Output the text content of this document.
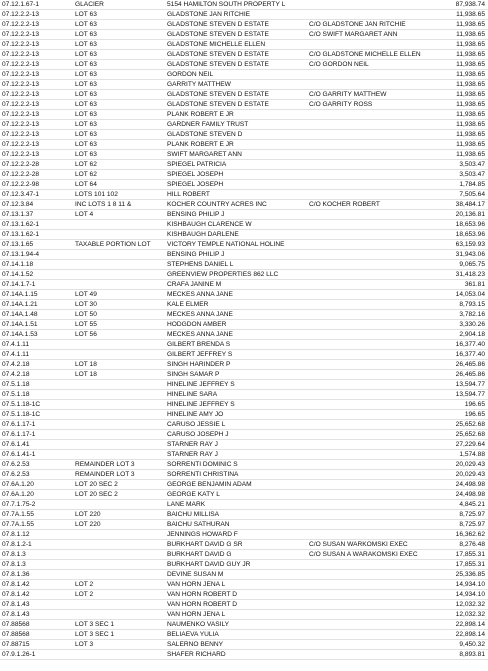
07.12.1.67-1	GLACIER	5154 HAMILTON SOUTH PROPERTY L	87,938.74
07.12.2.2-13	LOT 63	GLADSTONE JAN RITCHIE	11,938.65
07.12.2.2-13	LOT 63	GLADSTONE STEVEN D ESTATE	C/O GLADSTONE JAN RITCHIE	11,938.65
07.12.2.2-13	LOT 63	GLADSTONE STEVEN D ESTATE	C/O SWIFT MARGARET ANN	11,938.65
07.12.2.2-13	LOT 63	GLADSTONE MICHELLE ELLEN	11,938.65
07.12.2.2-13	LOT 63	GLADSTONE STEVEN D ESTATE	C/O GLADSTONE MICHELLE ELLEN	11,938.65
07.12.2.2-13	LOT 63	GLADSTONE STEVEN D ESTATE	C/O GORDON NEIL	11,938.65
07.12.2.2-13	LOT 63	GORDON NEIL	11,938.65
07.12.2.2-13	LOT 63	GARRITY MATTHEW	11,938.65
07.12.2.2-13	LOT 63	GLADSTONE STEVEN D ESTATE	C/O GARRITY MATTHEW	11,938.65
07.12.2.2-13	LOT 63	GLADSTONE STEVEN D ESTATE	C/O GARRITY ROSS	11,938.65
07.12.2.2-13	LOT 63	PLANK ROBERT E JR	11,938.65
07.12.2.2-13	LOT 63	GARDNER FAMILY TRUST	11,938.65
07.12.2.2-13	LOT 63	GLADSTONE STEVEN D	11,938.65
07.12.2.2-13	LOT 63	PLANK ROBERT E JR	11,938.65
07.12.2.2-13	LOT 63	SWIFT MARGARET ANN	11,938.65
07.12.2.2-28	LOT 62	SPIEGEL PATRICIA	3,503.47
07.12.2.2-28	LOT 62	SPIEGEL JOSEPH	3,503.47
07.12.2.2-98	LOT 64	SPIEGEL JOSEPH	1,784.85
07.12.3.47-1	LOTS 101 102	HILL ROBERT	7,505.64
07.12.3.84	INC LOTS 1 8 11 &	KOCHER COUNTRY ACRES INC	C/O KOCHER ROBERT	38,484.17
07.13.1.37	LOT 4	BENSING PHILIP J	20,136.81
07.13.1.62-1	KISHBAUGH CLARENCE W	18,653.96
07.13.1.62-1	KISHBAUGH DARLENE	18,653.96
07.13.1.65	TAXABLE PORTION LOT	VICTORY TEMPLE NATIONAL HOLINE	63,159.93
07.13.1.94-4	BENSING PHILIP J	31,943.06
07.14.1.18	STEPHENS DANIEL L	9,065.75
07.14.1.52	GREENVIEW PROPERTIES 862 LLC	31,418.23
07.14.1.7-1	CRAFA JANINE M	361.81
07.14A.1.15	LOT 49	MECKES ANNA JANE	14,053.04
07.14A.1.21	LOT 30	KALE ELMER	8,793.15
07.14A.1.48	LOT 50	MECKES ANNA JANE	3,782.16
07.14A.1.51	LOT 55	HODGDON AMBER	3,330.26
07.14A.1.53	LOT 56	MECKES ANNA JANE	2,904.18
07.4.1.11	GILBERT BRENDA S	16,377.40
07.4.1.11	GILBERT JEFFREY S	16,377.40
07.4.2.18	LOT 18	SINGH HARINDER P	26,465.86
07.4.2.18	LOT 18	SINGH SAMAR P	26,465.86
07.5.1.18	HINELINE JEFFREY S	13,594.77
07.5.1.18	HINELINE SARA	13,594.77
07.5.1.18-1C	HINELINE JEFFREY S	196.65
07.5.1.18-1C	HINELINE AMY JO	196.65
07.6.1.17-1	CARUSO JESSIE L	25,652.68
07.6.1.17-1	CARUSO JOSEPH J	25,652.68
07.6.1.41	STARNER RAY J	27,229.64
07.6.1.41-1	STARNER RAY J	1,574.88
07.6.2.53	REMAINDER LOT 3	SORRENTI DOMINIC S	20,029.43
07.6.2.53	REMAINDER LOT 3	SORRENTI CHRISTINA	20,029.43
07.6A.1.20	LOT 20 SEC 2	GEORGE BENJAMIN ADAM	24,498.98
07.6A.1.20	LOT 20 SEC 2	GEORGE KATY L	24,498.98
07.7.1.75-2	LANE MARK	4,845.21
07.7A.1.55	LOT 220	BAICHU MILLISA	8,725.97
07.7A.1.55	LOT 220	BAICHU SATHURAN	8,725.97
07.8.1.12	JENNINGS HOWARD F	16,362.62
07.8.1.2-1	BURKHART DAVID G SR	C/O SUSAN WARKOMSKI EXEC	8,276.48
07.8.1.3	BURKHART DAVID G	C/O SUSAN A WARAKOMSKI EXEC	17,855.31
07.8.1.3	BURKHART DAVID GUY JR	17,855.31
07.8.1.36	DEVINE SUSAN M	25,336.85
07.8.1.42	LOT 2	VAN HORN JENA L	14,934.10
07.8.1.42	LOT 2	VAN HORN ROBERT D	14,934.10
07.8.1.43	VAN HORN ROBERT D	12,032.32
07.8.1.43	VAN HORN JENA L	12,032.32
07.88568	LOT 3 SEC 1	NAUMENKO VASILY	22,898.14
07.88568	LOT 3 SEC 1	BELIAEVA YULIA	22,898.14
07.88715	LOT 3	SALERNO BENNY	9,450.32
07.9.1.26-1	SHAFER RICHARD	8,893.81
